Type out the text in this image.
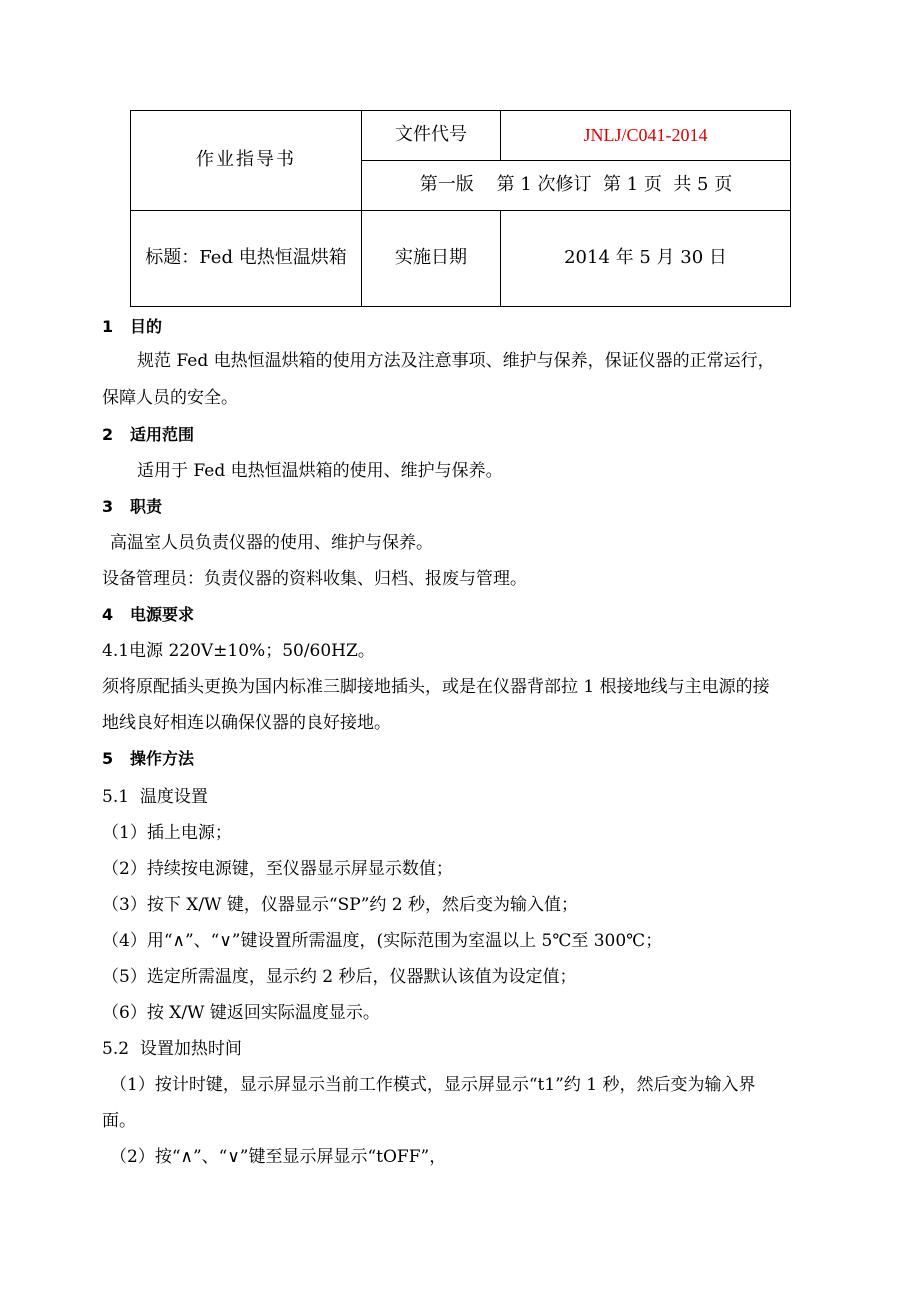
作业指导书	文件代号	JNLJ/C041-2014
	第一版    第 1 次修订  第 1 页  共 5 页	
标题：Fed 电热恒温烘箱	实施日期	2014 年 5 月 30 日
1 目的
规范 Fed 电热恒温烘箱的使用方法及注意事项、维护与保养，保证仪器的正常运行，
保障人员的安全。
2 适用范围
适用于 Fed 电热恒温烘箱的使用、维护与保养。
3 职责
高温室人员负责仪器的使用、维护与保养。
设备管理员：负责仪器的资料收集、归档、报废与管理。
4 电源要求
4.1电源 220V±10%；50/60HZ。
须将原配插头更换为国内标准三脚接地插头，或是在仪器背部拉 1 根接地线与主电源的接
地线良好相连以确保仪器的良好接地。
5 操作方法
5.1  温度设置
（1）插上电源；
（2）持续按电源键，至仪器显示屏显示数值；
（3）按下 X/W 键，仪器显示“SP”约 2 秒，然后变为输入值；
（4）用“∧”、“∨”键设置所需温度，(实际范围为室温以上 5℃至 300℃；
（5）选定所需温度，显示约 2 秒后，仪器默认该值为设定值；
（6）按 X/W 键返回实际温度显示。
5.2  设置加热时间
（1）按计时键，显示屏显示当前工作模式，显示屏显示“t1”约 1 秒，然后变为输入界
面。
（2）按“∧”、“∨”键至显示屏显示“tOFF”，
